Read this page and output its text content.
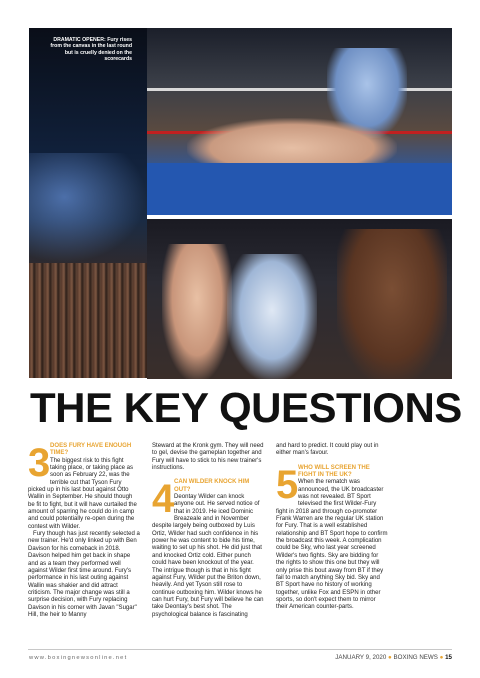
DRAMATIC OPENER: Fury rises from the canvas in the last round but is cruelly denied on the scorecards
THE KEY QUESTIONS
3 DOES FURY HAVE ENOUGH TIME?

The biggest risk to this fight taking place, or taking place as soon as February 22, was the terrible cut that Tyson Fury picked up in his last bout against Otto Wallin in September. He should though be fit to fight, but it will have curtailed the amount of sparring he could do in camp and could potentially re-open during the contest with Wilder.

Fury though has just recently selected a new trainer. He'd only linked up with Ben Davison for his comeback in 2018. Davison helped him get back in shape and as a team they performed well against Wilder first time around. Fury's performance in his last outing against Wallin was shakier and did attract criticism. The major change was still a surprise decision, with Fury replacing Davison in his corner with Javan "Sugar" Hill, the heir to Manny

Steward at the Kronk gym. They will need to gel, devise the gameplan together and Fury will have to stick to his new trainer's instructions.

4 CAN WILDER KNOCK HIM OUT?

Deontay Wilder can knock anyone out. He served notice of that in 2019. He iced Dominic Breazeale and in November despite largely being outboxed by Luis Ortiz, Wilder had such confidence in his power he was content to bide his time, waiting to set up his shot. He did just that and knocked Ortiz cold. Either punch could have been knockout of the year. The intrigue though is that in his fight against Fury, Wilder put the Briton down, heavily. And yet Tyson still rose to continue outboxing him. Wilder knows he can hurt Fury, but Fury will believe he can take Deontay's best shot. The psychological balance is fascinating

and hard to predict. It could play out in either man's favour.

5 WHO WILL SCREEN THE FIGHT IN THE UK?

When the rematch was announced, the UK broadcaster was not revealed. BT Sport televised the first Wilder-Fury fight in 2018 and through co-promoter Frank Warren are the regular UK station for Fury. That is a well established relationship and BT Sport hope to confirm the broadcast this week. A complication could be Sky, who last year screened Wilder's two fights. Sky are bidding for the rights to show this one but they will only prise this bout away from BT if they fail to match anything Sky bid. Sky and BT Sport have no history of working together, unlike Fox and ESPN in other sports, so don't expect them to mirror their American counter-parts.

www.boxingnewsonline.net	JANUARY 9, 2020 ● BOXING NEWS ● 15
